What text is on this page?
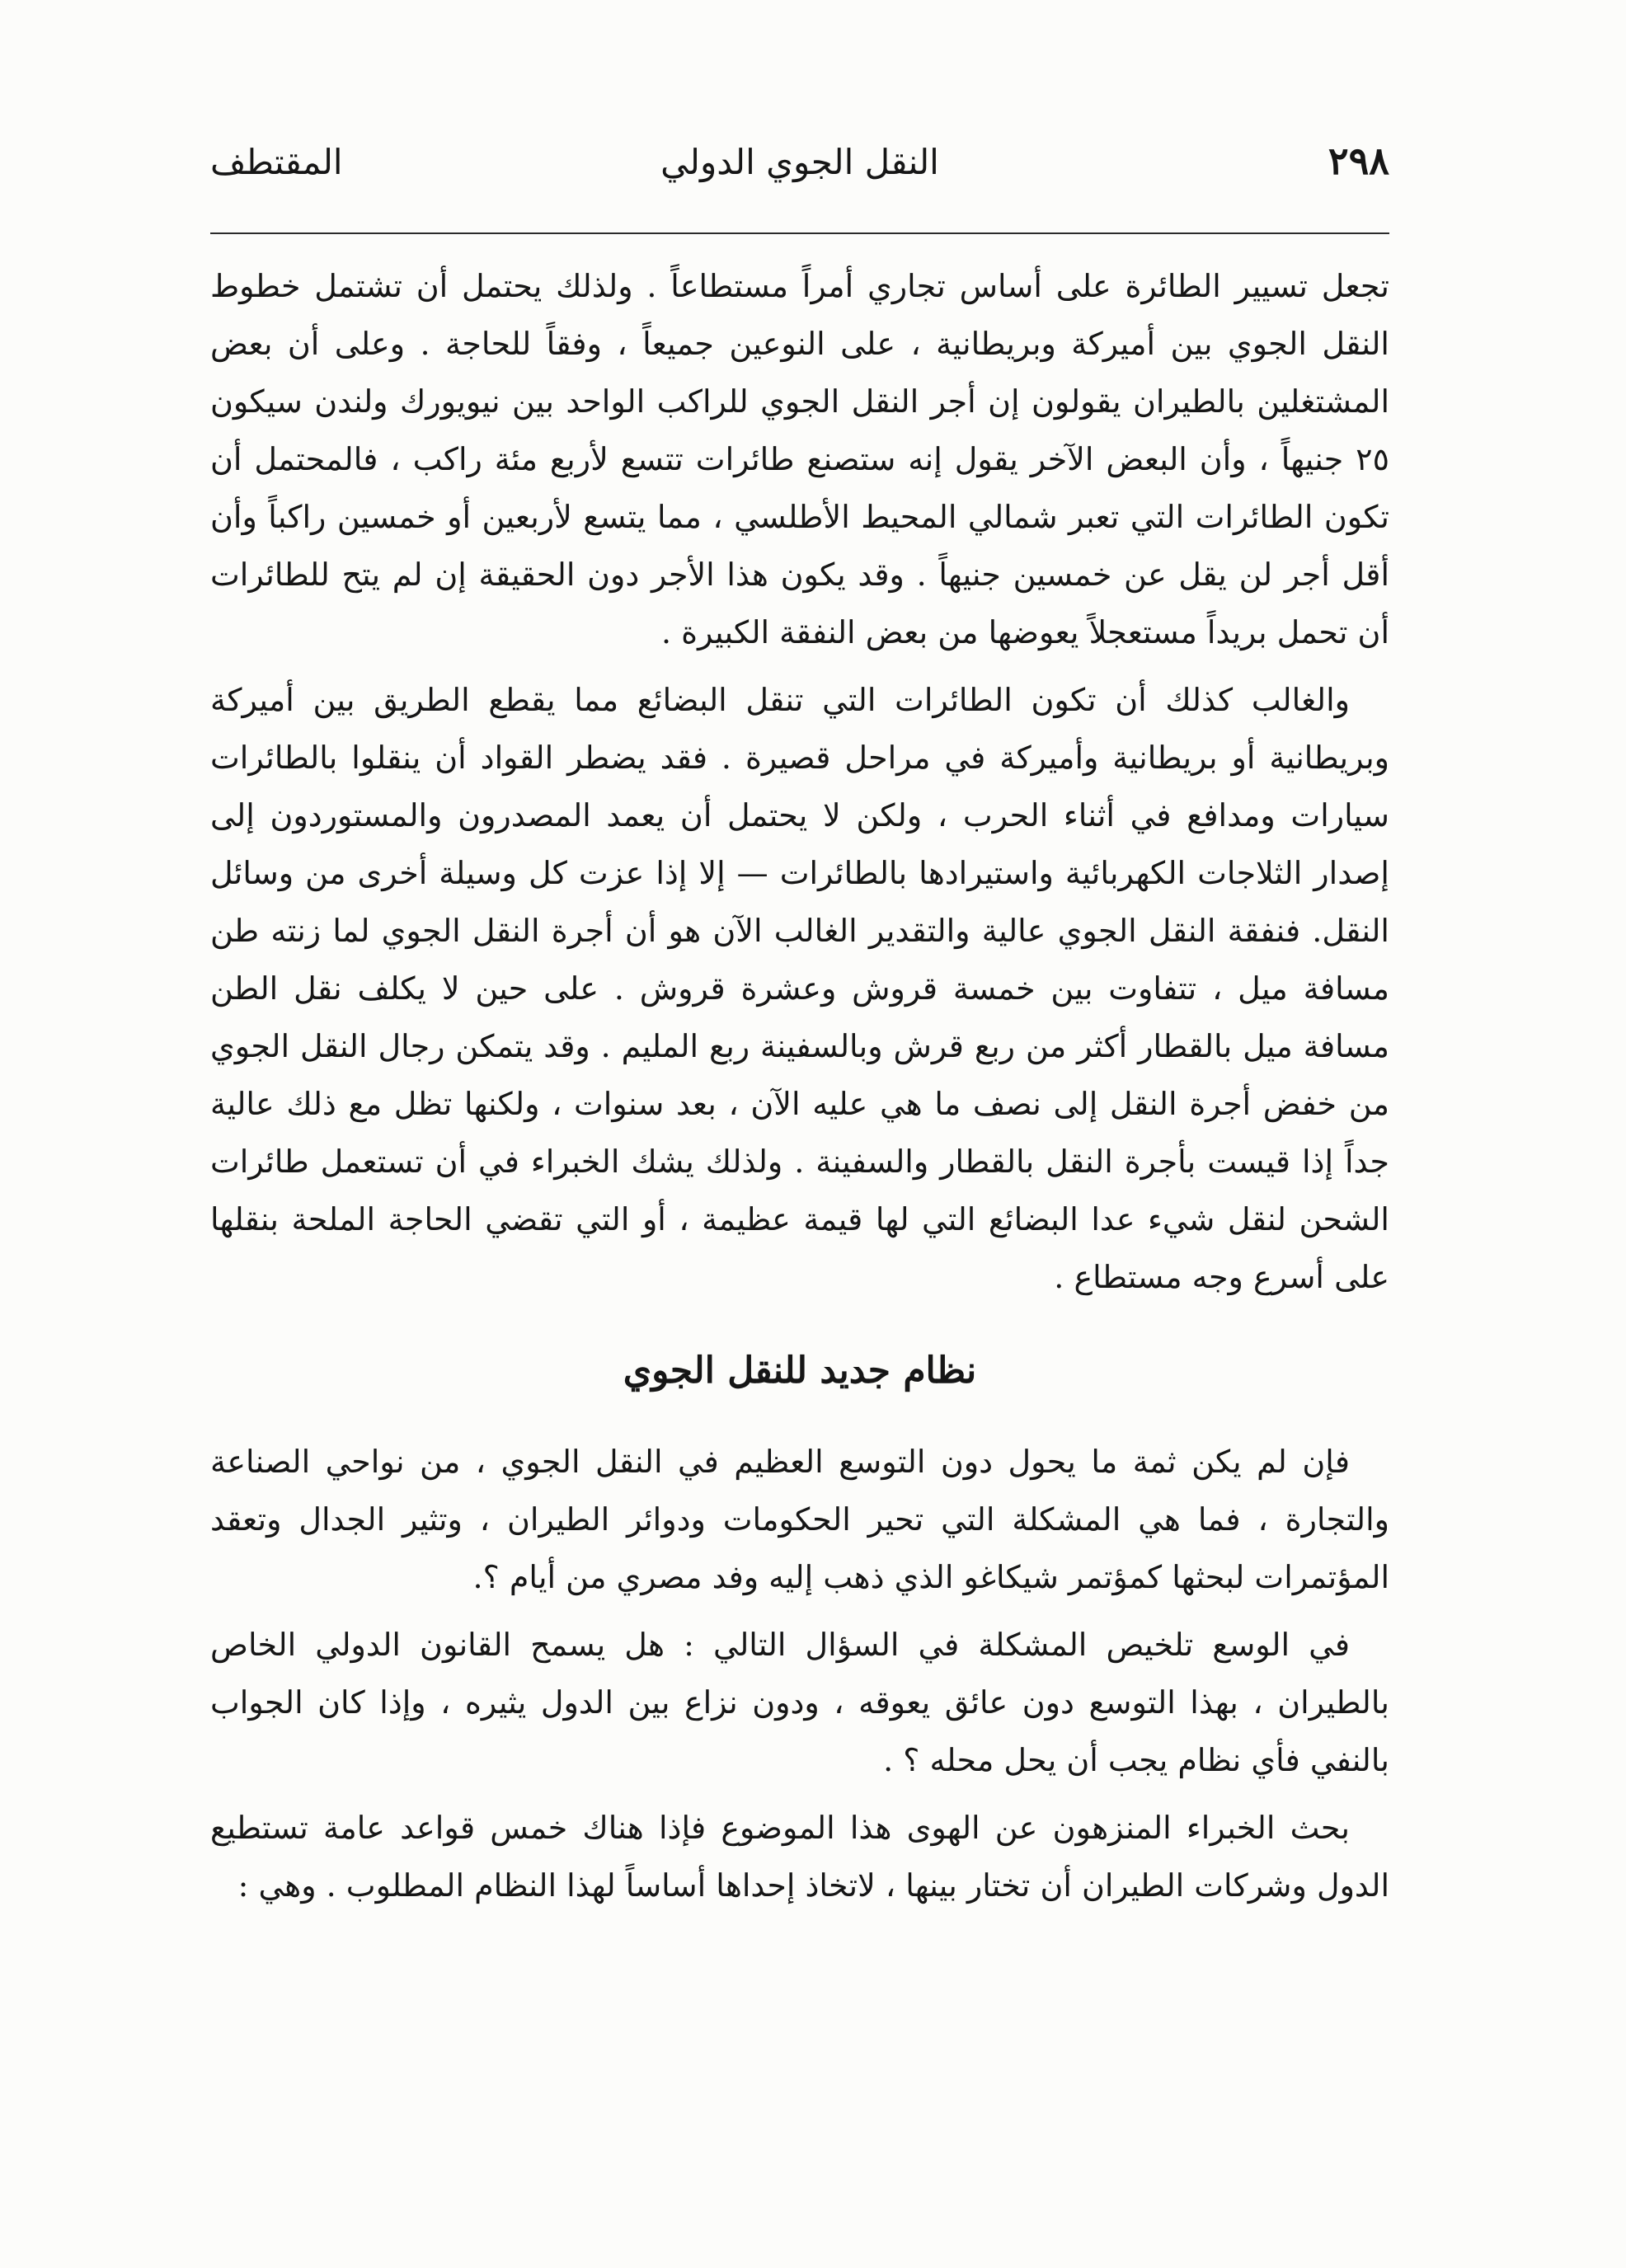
٢٩٨
النقل الجوي الدولي
المقتطف

تجعل تسيير الطائرة على أساس تجاري أمراً مستطاعاً . ولذلك يحتمل أن تشتمل خطوط النقل الجوي بين أميركة وبريطانية ، على النوعين جميعاً ، وفقاً للحاجة . وعلى أن بعض المشتغلين بالطيران يقولون إن أجر النقل الجوي للراكب الواحد بين نيويورك ولندن سيكون ٢٥ جنيهاً ، وأن البعض الآخر يقول إنه ستصنع طائرات تتسع لأربع مئة راكب ، فالمحتمل أن تكون الطائرات التي تعبر شمالي المحيط الأطلسي ، مما يتسع لأربعين أو خمسين راكباً وأن أقل أجر لن يقل عن خمسين جنيهاً . وقد يكون هذا الأجر دون الحقيقة إن لم يتح للطائرات أن تحمل بريداً مستعجلاً يعوضها من بعض النفقة الكبيرة .

والغالب كذلك أن تكون الطائرات التي تنقل البضائع مما يقطع الطريق بين أميركة وبريطانية أو بريطانية وأميركة في مراحل قصيرة . فقد يضطر القواد أن ينقلوا بالطائرات سيارات ومدافع في أثناء الحرب ، ولكن لا يحتمل أن يعمد المصدرون والمستوردون إلى إصدار الثلاجات الكهربائية واستيرادها بالطائرات — إلا إذا عزت كل وسيلة أخرى من وسائل النقل. فنفقة النقل الجوي عالية والتقدير الغالب الآن هو أن أجرة النقل الجوي لما زنته طن مسافة ميل ، تتفاوت بين خمسة قروش وعشرة قروش . على حين لا يكلف نقل الطن مسافة ميل بالقطار أكثر من ربع قرش وبالسفينة ربع المليم . وقد يتمكن رجال النقل الجوي من خفض أجرة النقل إلى نصف ما هي عليه الآن ، بعد سنوات ، ولكنها تظل مع ذلك عالية جداً إذا قيست بأجرة النقل بالقطار والسفينة . ولذلك يشك الخبراء في أن تستعمل طائرات الشحن لنقل شيء عدا البضائع التي لها قيمة عظيمة ، أو التي تقضي الحاجة الملحة بنقلها على أسرع وجه مستطاع .

نظام جديد للنقل الجوي

فإن لم يكن ثمة ما يحول دون التوسع العظيم في النقل الجوي ، من نواحي الصناعة والتجارة ، فما هي المشكلة التي تحير الحكومات ودوائر الطيران ، وتثير الجدال وتعقد المؤتمرات لبحثها كمؤتمر شيكاغو الذي ذهب إليه وفد مصري من أيام ؟.

في الوسع تلخيص المشكلة في السؤال التالي : هل يسمح القانون الدولي الخاص بالطيران ، بهذا التوسع دون عائق يعوقه ، ودون نزاع بين الدول يثيره ، وإذا كان الجواب بالنفي فأي نظام يجب أن يحل محله ؟ .

بحث الخبراء المنزهون عن الهوى هذا الموضوع فإذا هناك خمس قواعد عامة تستطيع الدول وشركات الطيران أن تختار بينها ، لاتخاذ إحداها أساساً لهذا النظام المطلوب . وهي :
